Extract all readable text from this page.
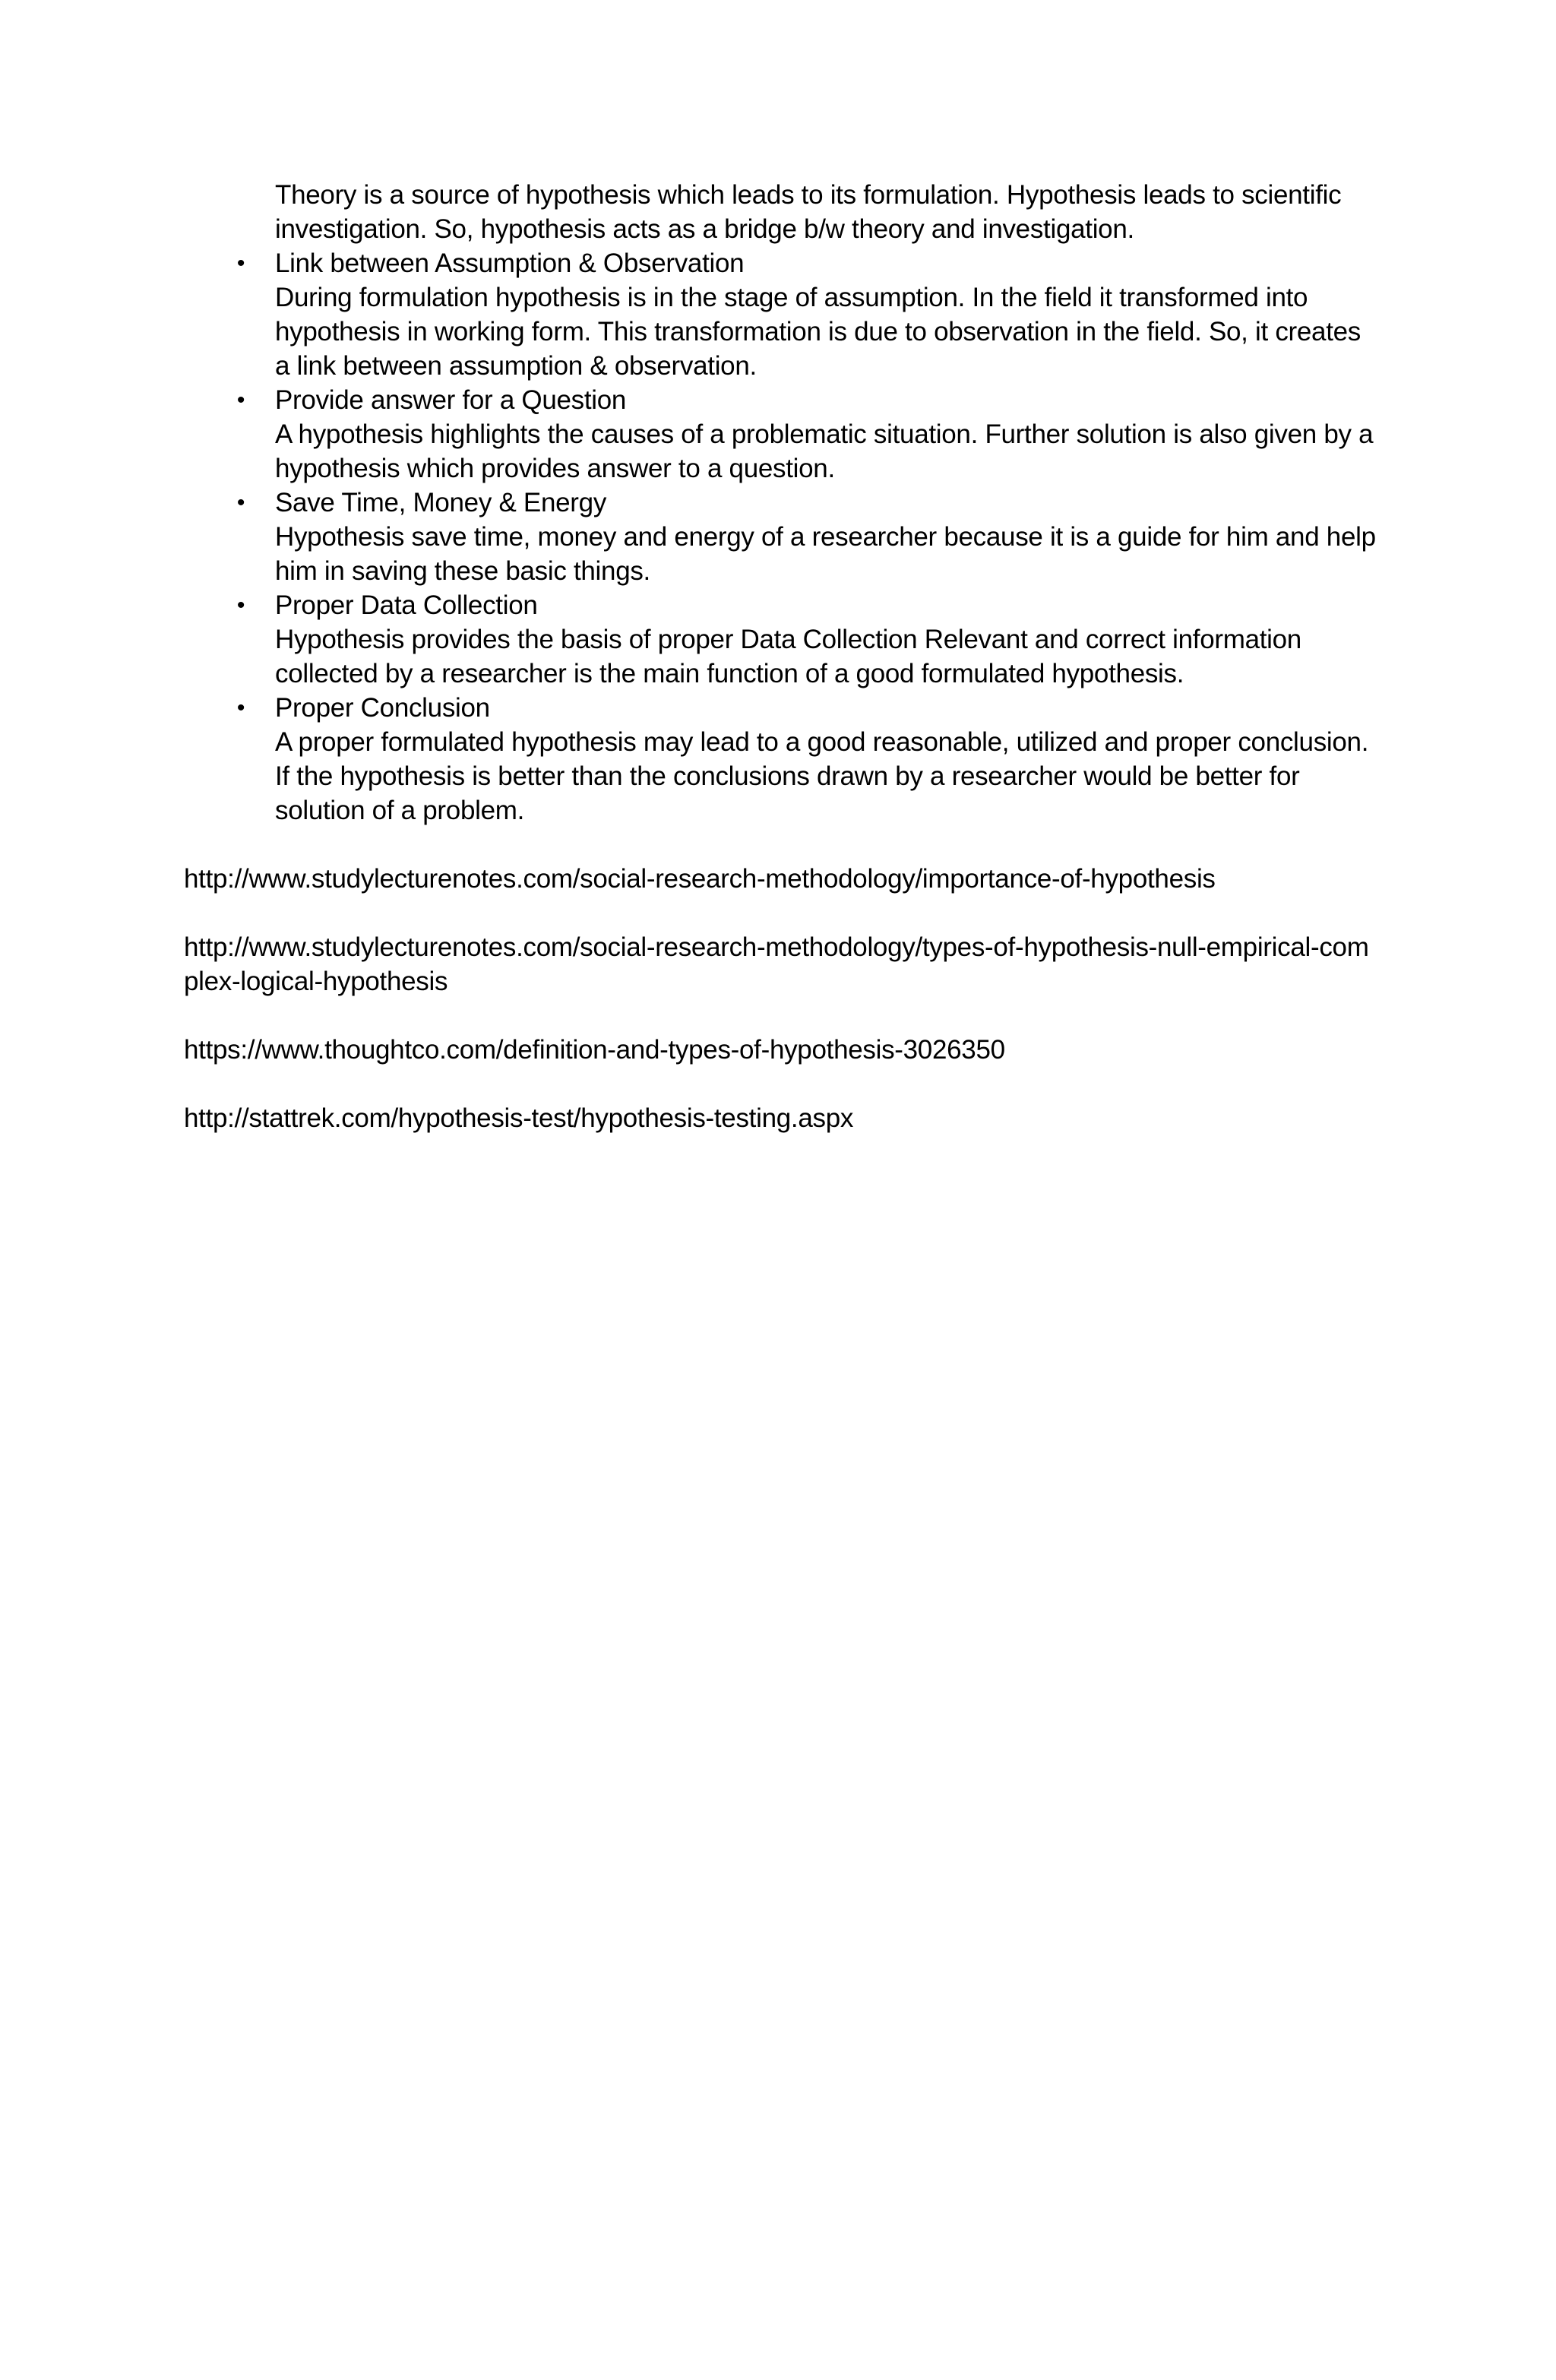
Theory is a source of hypothesis which leads to its formulation. Hypothesis leads to scientific investigation. So, hypothesis acts as a bridge b/w theory and investigation.

• Link between Assumption & Observation
During formulation hypothesis is in the stage of assumption. In the field it transformed into hypothesis in working form. This transformation is due to observation in the field. So, it creates a link between assumption & observation.
• Provide answer for a Question
A hypothesis highlights the causes of a problematic situation. Further solution is also given by a hypothesis which provides answer to a question.
• Save Time, Money & Energy
Hypothesis save time, money and energy of a researcher because it is a guide for him and help him in saving these basic things.
• Proper Data Collection
Hypothesis provides the basis of proper Data Collection Relevant and correct information collected by a researcher is the main function of a good formulated hypothesis.
• Proper Conclusion
A proper formulated hypothesis may lead to a good reasonable, utilized and proper conclusion. If the hypothesis is better than the conclusions drawn by a researcher would be better for solution of a problem.
http://www.studylecturenotes.com/social-research-methodology/importance-of-hypothesis
http://www.studylecturenotes.com/social-research-methodology/types-of-hypothesis-null-empirical-complex-logical-hypothesis
https://www.thoughtco.com/definition-and-types-of-hypothesis-3026350
http://stattrek.com/hypothesis-test/hypothesis-testing.aspx
